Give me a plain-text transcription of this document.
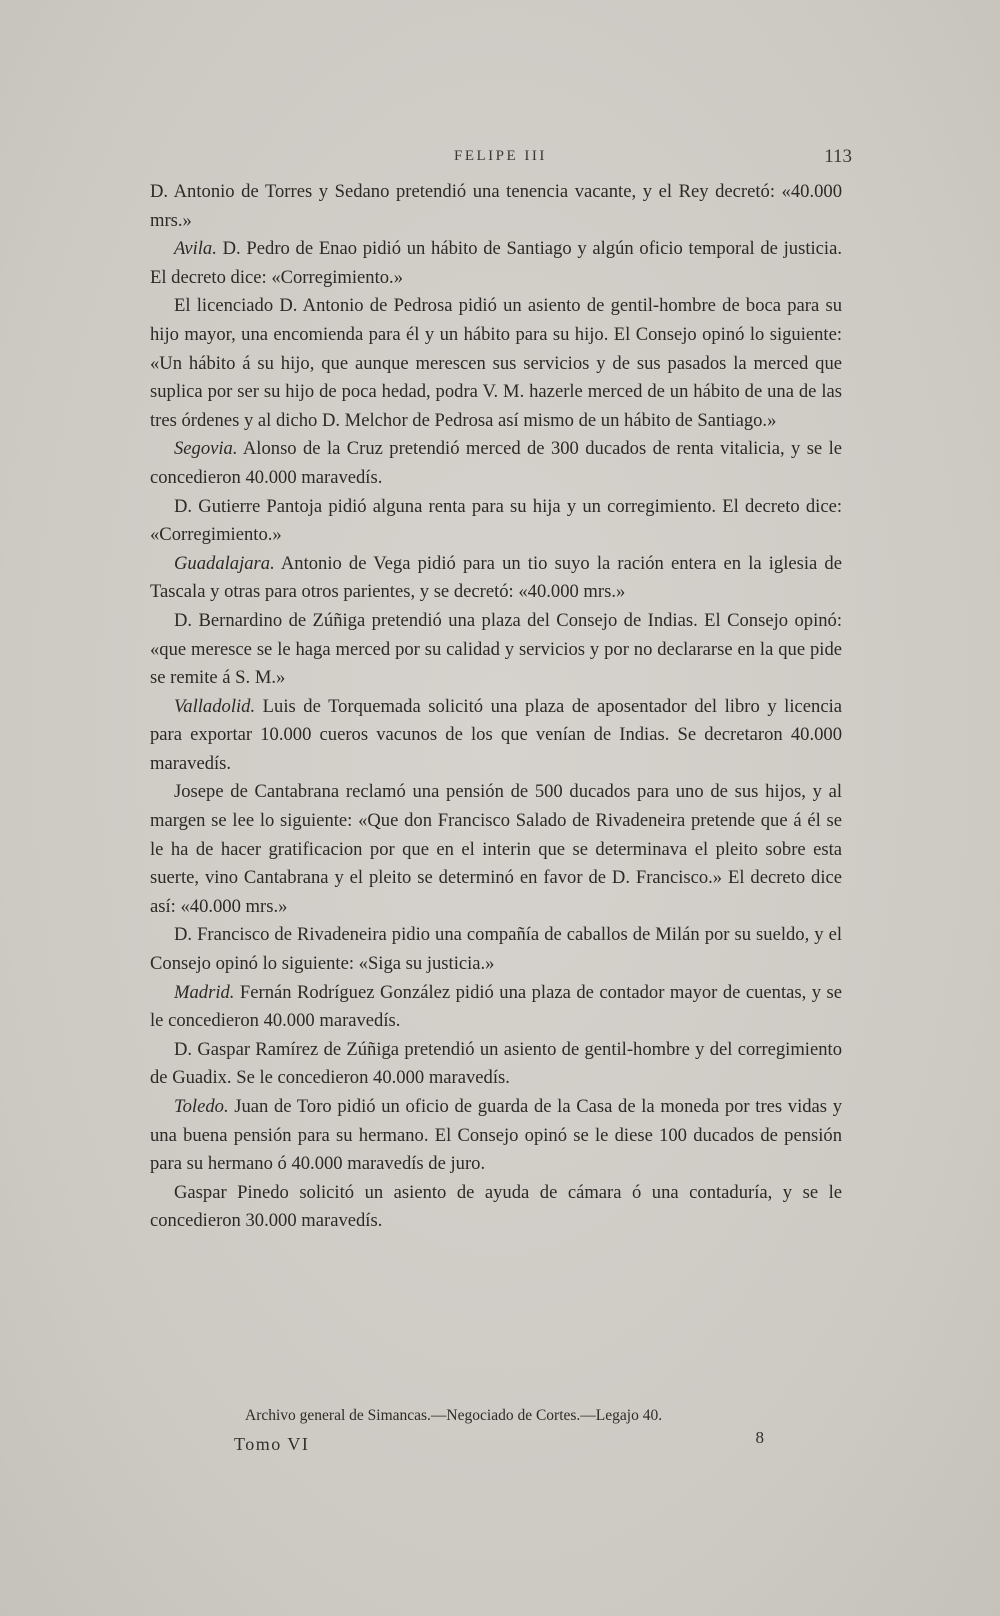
FELIPE III	113

D. Antonio de Torres y Sedano pretendió una tenencia vacante, y el Rey decretó: «40.000 mrs.»

Avila. D. Pedro de Enao pidió un hábito de Santiago y algún oficio temporal de justicia. El decreto dice: «Corregimiento.»

El licenciado D. Antonio de Pedrosa pidió un asiento de gentil-hombre de boca para su hijo mayor, una encomienda para él y un hábito para su hijo. El Consejo opinó lo siguiente: «Un hábito á su hijo, que aunque merescen sus servicios y de sus pasados la merced que suplica por ser su hijo de poca hedad, podra V. M. hazerle merced de un hábito de una de las tres órdenes y al dicho D. Melchor de Pedrosa así mismo de un hábito de Santiago.»

Segovia. Alonso de la Cruz pretendió merced de 300 ducados de renta vitalicia, y se le concedieron 40.000 maravedís.

D. Gutierre Pantoja pidió alguna renta para su hija y un corregimiento. El decreto dice: «Corregimiento.»

Guadalajara. Antonio de Vega pidió para un tio suyo la ración entera en la iglesia de Tascala y otras para otros parientes, y se decretó: «40.000 mrs.»

D. Bernardino de Zúñiga pretendió una plaza del Consejo de Indias. El Consejo opinó: «que meresce se le haga merced por su calidad y servicios y por no declararse en la que pide se remite á S. M.»

Valladolid. Luis de Torquemada solicitó una plaza de aposentador del libro y licencia para exportar 10.000 cueros vacunos de los que venían de Indias. Se decretaron 40.000 maravedís.

Josepe de Cantabrana reclamó una pensión de 500 ducados para uno de sus hijos, y al margen se lee lo siguiente: «Que don Francisco Salado de Rivadeneira pretende que á él se le ha de hacer gratificacion por que en el interin que se determinava el pleito sobre esta suerte, vino Cantabrana y el pleito se determinó en favor de D. Francisco.» El decreto dice así: «40.000 mrs.»

D. Francisco de Rivadeneira pidio una compañía de caballos de Milán por su sueldo, y el Consejo opinó lo siguiente: «Siga su justicia.»

Madrid. Fernán Rodríguez González pidió una plaza de contador mayor de cuentas, y se le concedieron 40.000 maravedís.

D. Gaspar Ramírez de Zúñiga pretendió un asiento de gentil-hombre y del corregimiento de Guadix. Se le concedieron 40.000 maravedís.

Toledo. Juan de Toro pidió un oficio de guarda de la Casa de la moneda por tres vidas y una buena pensión para su hermano. El Consejo opinó se le diese 100 ducados de pensión para su hermano ó 40.000 maravedís de juro.

Gaspar Pinedo solicitó un asiento de ayuda de cámara ó una contaduría, y se le concedieron 30.000 maravedís.

Archivo general de Simancas.—Negociado de Cortes.—Legajo 40.
Tomo VI	8
